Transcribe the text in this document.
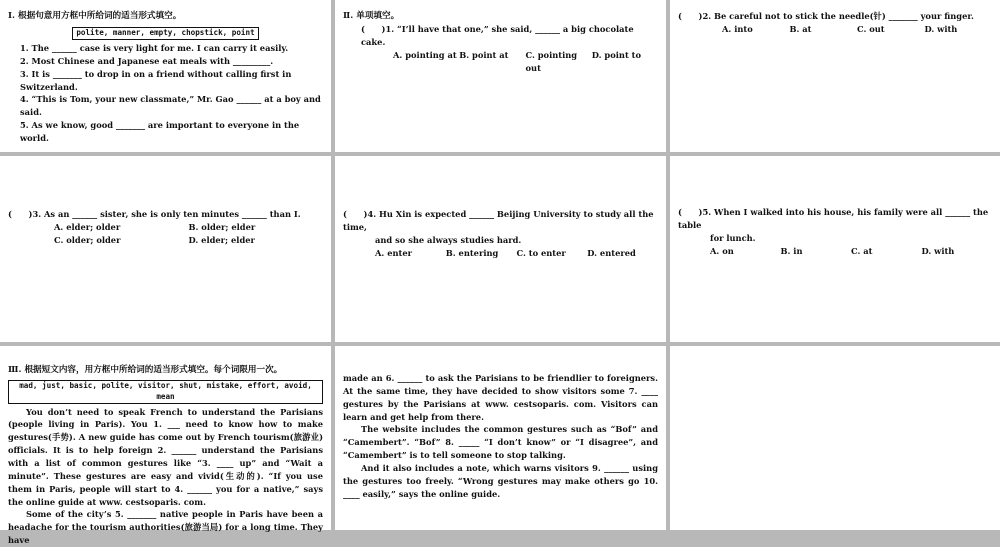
Ⅰ. 根据句意用方框中所给词的适当形式填空。
polite, manner, empty, chopstick, point
1. The ______ case is very light for me. I can carry it easily.
2. Most Chinese and Japanese eat meals with _________.
3. It is _______ to drop in on a friend without calling first in Switzerland.
4. “This is Tom, your new classmate,” Mr. Gao ______ at a boy and said.
5. As we know, good _______ are important to everyone in the world.
Ⅱ. 单项填空。
(　　)1. “I’ll have that one,” she said, ______ a big chocolate cake.
A. pointing at B. point at	C. pointing out
D. point to
(　　)2. Be careful not to stick the needle(针) _______ your finger.
A. into	B. at	C. out	D. with
(　　)3. As an ______ sister, she is only ten minutes ______ than I.
A. elder; older	B. older; elder
C. older; older	D. elder; elder
(　　)4. Hu Xin is expected ______ Beijing University to study all the time,
and so she always studies hard.
A. enter	B. entering	C. to enter	D. entered
(　　)5. When I walked into his house, his family were all ______ the table
for lunch.
A. on	B. in	C. at	D. with
Ⅲ. 根据短文内容，用方框中所给词的适当形式填空。每个词限用一次。
mad, just, basic, polite, visitor, shut, mistake, effort, avoid, mean
You don’t need to speak French to understand the Parisians (people living in Paris). You 1. ___ need to know how to make gestures(手势). A new guide has come out by French tourism(旅游业) officials. It is to help foreign 2. ______ understand the Parisians with a list of common gestures like “3. ____ up” and “Wait a minute”. These gestures are easy and vivid(生动的). “If you use them in Paris, people will start to 4. ______ you for a native,” says the online guide at www. cestsoparis. com.
Some of the city’s 5. _______ native people in Paris have been a headache for the tourism authorities(旅游当局) for a long time. They have
made an 6. ______ to ask the Parisians to be friendlier to foreigners. At the same time, they have decided to show visitors some 7. ____ gestures by the Parisians at www. cestsoparis. com. Visitors can learn and get help from there.
The website includes the common gestures such as “Bof” and “Camembert”. “Bof” 8. _____ “I don’t know” or “I disagree”, and “Camembert” is to tell someone to stop talking.
And it also includes a note, which warns visitors 9. ______ using the gestures too freely. “Wrong gestures may make others go 10. ____ easily,” says the online guide.
